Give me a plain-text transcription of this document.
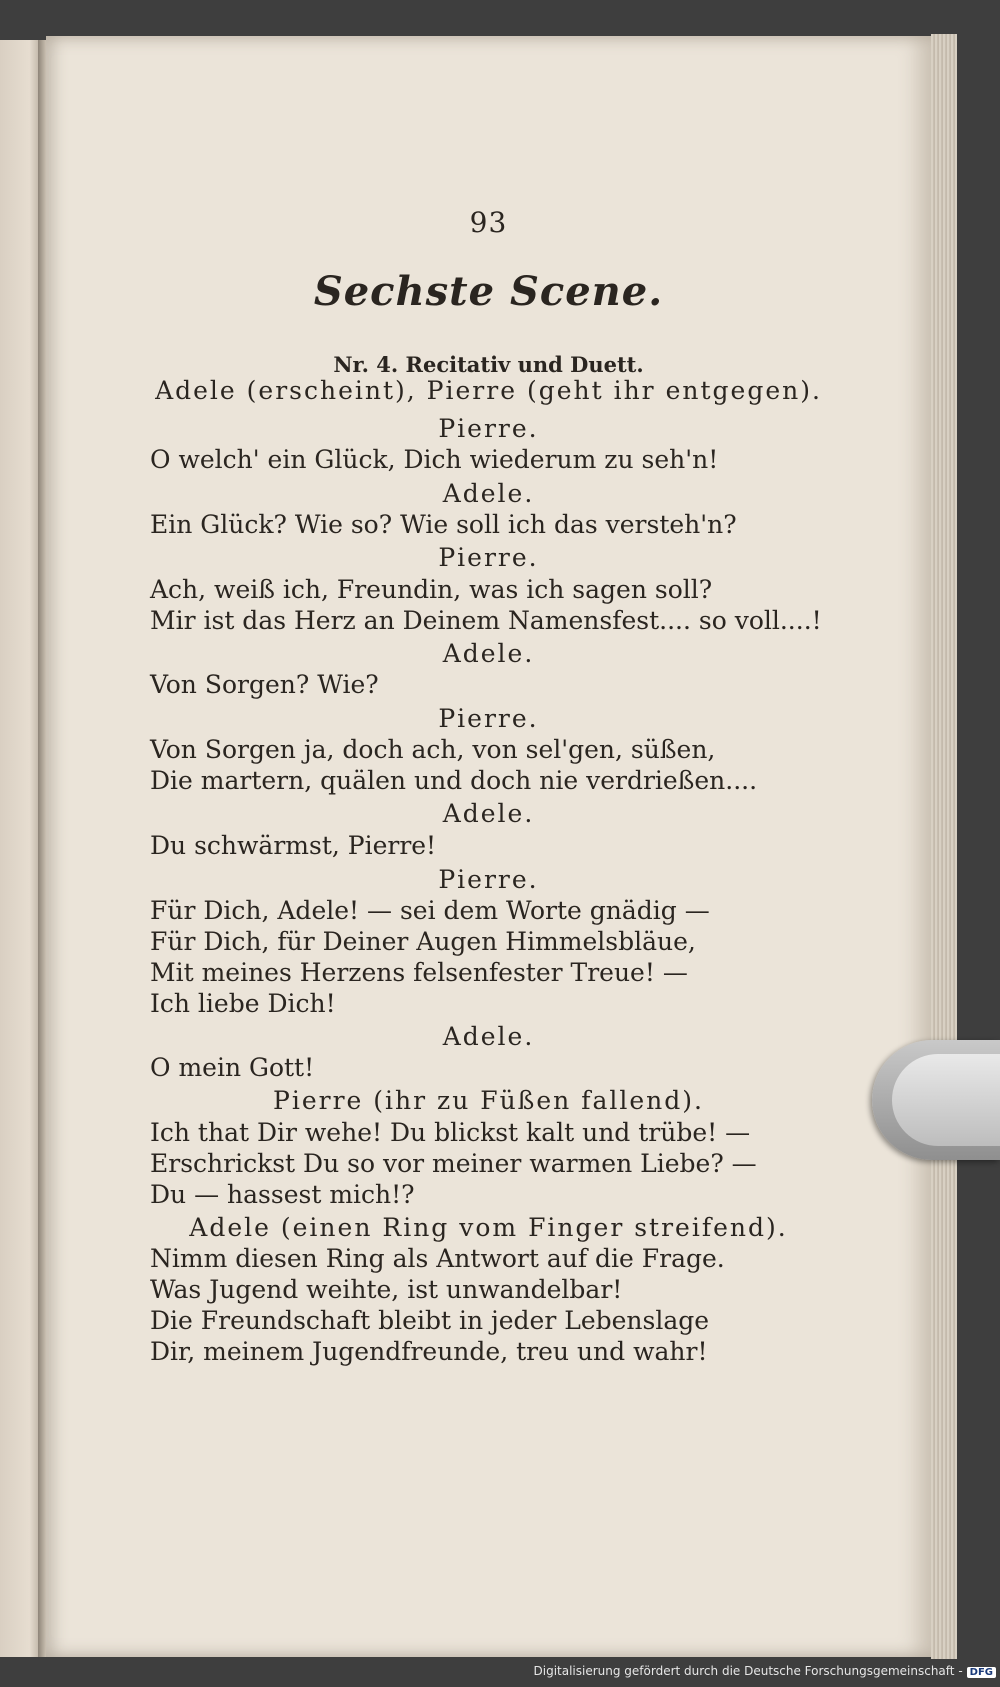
93
Sechste Scene.
Nr. 4. Recitativ und Duett.
Adele (erscheint), Pierre (geht ihr entgegen).
Pierre.
O welch' ein Glück, Dich wiederum zu seh'n!
Adele.
Ein Glück? Wie so? Wie soll ich das versteh'n?
Pierre.
Ach, weiß ich, Freundin, was ich sagen soll?
Mir ist das Herz an Deinem Namensfest.... so voll....!
Adele.
Von Sorgen? Wie?
Pierre.
Von Sorgen ja, doch ach, von sel'gen, süßen,
Die martern, quälen und doch nie verdrießen....
Adele.
Du schwärmst, Pierre!
Pierre.
Für Dich, Adele! — sei dem Worte gnädig —
Für Dich, für Deiner Augen Himmelsbläue,
Mit meines Herzens felsenfester Treue! —
Ich liebe Dich!
Adele.
O mein Gott!
Pierre (ihr zu Füßen fallend).
Ich that Dir wehe! Du blickst kalt und trübe! —
Erschrickst Du so vor meiner warmen Liebe? —
Du — hassest mich!?
Adele (einen Ring vom Finger streifend).
Nimm diesen Ring als Antwort auf die Frage.
Was Jugend weihte, ist unwandelbar!
Die Freundschaft bleibt in jeder Lebenslage
Dir, meinem Jugendfreunde, treu und wahr!
Digitalisierung gefördert durch die Deutsche Forschungsgemeinschaft - DFG
